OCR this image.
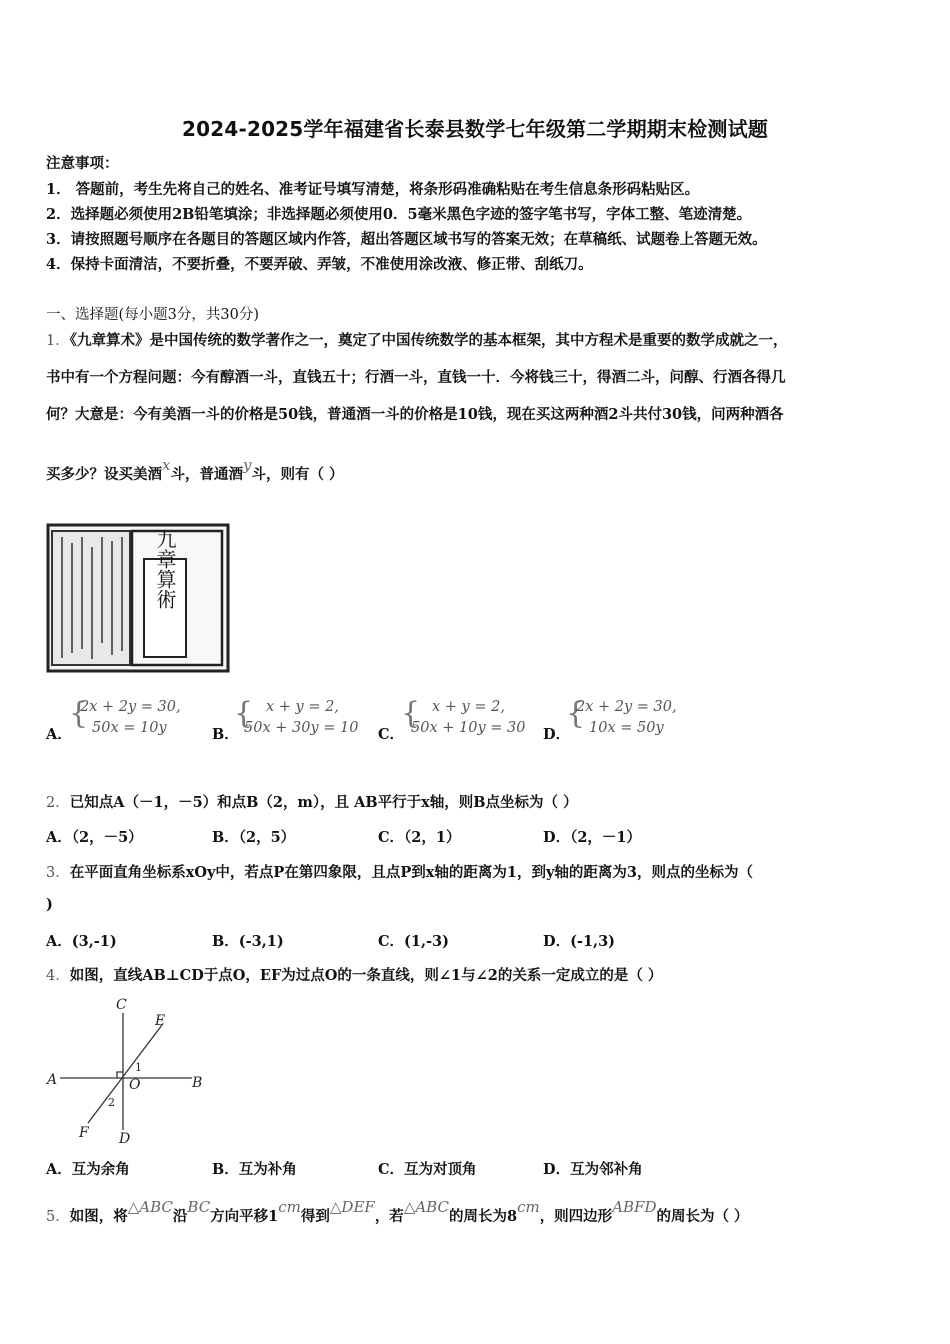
2024-2025学年福建省长泰县数学七年级第二学期期末检测试题
注意事项：
1． 答题前，考生先将自己的姓名、准考证号填写清楚，将条形码准确粘贴在考生信息条形码粘贴区。
2．选择题必须使用2B铅笔填涂；非选择题必须使用0．5毫米黑色字迹的签字笔书写，字体工整、笔迹清楚。
3．请按照题号顺序在各题目的答题区域内作答，超出答题区域书写的答案无效；在草稿纸、试题卷上答题无效。
4．保持卡面清洁，不要折叠，不要弄破、弄皱，不准使用涂改液、修正带、刮纸刀。
一、选择题(每小题3分，共30分)
1．《九章算术》是中国传统的数学著作之一，奠定了中国传统数学的基本框架，其中方程术是重要的数学成就之一，
书中有一个方程问题：今有醇酒一斗，直钱五十；行酒一斗，直钱一十．今将钱三十，得酒二斗，问醇、行酒各得几
何？大意是：今有美酒一斗的价格是50钱，普通酒一斗的价格是10钱，现在买这两种酒2斗共付30钱，问两种酒各
买多少？设买美酒x斗，普通酒y斗，则有（ ）
九章算術
A．
{
2x + 2y = 30,
50x = 10y	B．
{ x + y = 2,
50x + 30y = 10 C．
{ x + y = 2,
50x + 10y = 30 D．
{
2x + 2y = 30,
10x = 50y
2．已知点A（－1，－5）和点B（2，m），且 AB平行于x轴，则B点坐标为（ ）
A．（2，－5）	B．（2，5）	C．（2，1）	D．（2，－1）
3．在平面直角坐标系xOy中，若点P在第四象限，且点P到x轴的距离为1，到y轴的距离为3，则点的坐标为（
)
A．(3,-1)	B．(-3,1)	C．(1,-3)	D．(-1,3)
4．如图，直线AB⊥CD于点O，EF为过点O的一条直线，则∠1与∠2的关系一定成立的是（ ）
C
E
A	O	B
F D
1
2
A．互为余角	B．互为补角	C．互为对顶角	D．互为邻补角
5．如图，将△ABC沿BC方向平移1cm得到△DEF，若△ABC的周长为8cm，则四边形ABFD的周长为（ ）
